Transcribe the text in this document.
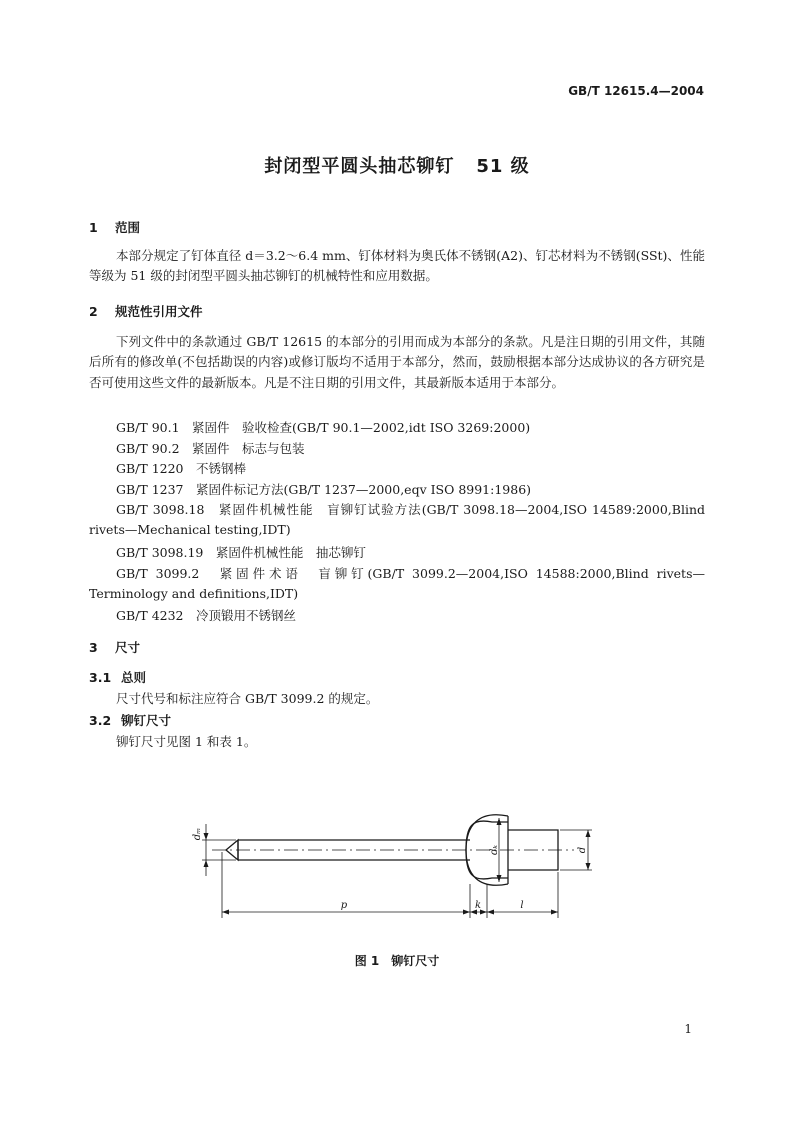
GB/T 12615.4—2004
封闭型平圆头抽芯铆钉 51 级
1 范围
本部分规定了钉体直径 d＝3.2～6.4 mm、钉体材料为奥氏体不锈钢(A2)、钉芯材料为不锈钢(SSt)、性能等级为 51 级的封闭型平圆头抽芯铆钉的机械特性和应用数据。
2 规范性引用文件
下列文件中的条款通过 GB/T 12615 的本部分的引用而成为本部分的条款。凡是注日期的引用文件，其随后所有的修改单(不包括勘误的内容)或修订版均不适用于本部分，然而，鼓励根据本部分达成协议的各方研究是否可使用这些文件的最新版本。凡是不注日期的引用文件，其最新版本适用于本部分。
GB/T 90.1　紧固件　验收检查(GB/T 90.1—2002,idt ISO 3269:2000)
GB/T 90.2　紧固件　标志与包装
GB/T 1220　不锈钢棒
GB/T 1237　紧固件标记方法(GB/T 1237—2000,eqv ISO 8991:1986)
GB/T 3098.18　紧固件机械性能　盲铆钉试验方法(GB/T 3098.18—2004,ISO 14589:2000,Blind rivets—Mechanical testing,IDT)
GB/T 3098.19　紧固件机械性能　抽芯铆钉
GB/T 3099.2　紧固件术语　盲铆钉(GB/T 3099.2—2004,ISO 14588:2000,Blind rivets—Terminology and definitions,IDT)
GB/T 4232　冷顶锻用不锈钢丝
3 尺寸
3.1 总则
尺寸代号和标注应符合 GB/T 3099.2 的规定。
3.2 铆钉尺寸
铆钉尺寸见图 1 和表 1。
dₘ
dₖ	d
p	k	l
图 1　铆钉尺寸
1
